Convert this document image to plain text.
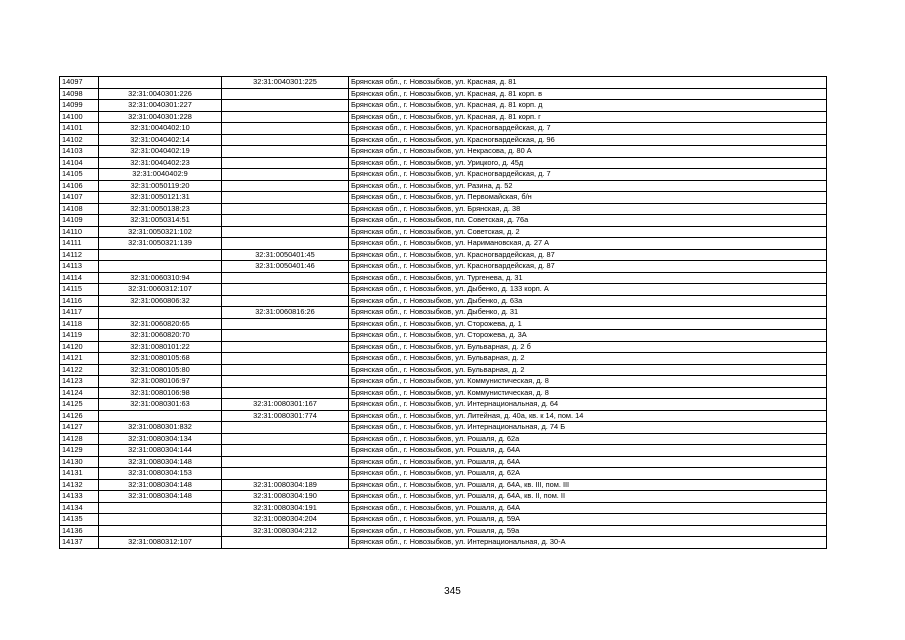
14097		32:31:0040301:225	Брянская обл., г. Новозыбков, ул. Красная, д. 81
14098	32:31:0040301:226		Брянская обл., г. Новозыбков, ул. Красная, д. 81 корп. в
14099	32:31:0040301:227		Брянская обл., г. Новозыбков, ул. Красная, д. 81 корп. д
14100	32:31:0040301:228		Брянская обл., г. Новозыбков, ул. Красная, д. 81 корп. г
14101	32:31:0040402:10		Брянская обл., г. Новозыбков, ул. Красногвардейская, д. 7
14102	32:31:0040402:14		Брянская обл., г. Новозыбков, ул. Красногвардейская, д. 96
14103	32:31:0040402:19		Брянская обл., г. Новозыбков, ул. Некрасова, д. 80 А
14104	32:31:0040402:23		Брянская обл., г. Новозыбков, ул. Урицкого, д. 45д
14105	32:31:0040402:9		Брянская обл., г. Новозыбков, ул. Красногвардейская, д. 7
14106	32:31:0050119:20		Брянская обл., г. Новозыбков, ул. Разина, д. 52
14107	32:31:0050121:31		Брянская обл., г. Новозыбков, ул. Первомайская, б/н
14108	32:31:0050138:23		Брянская обл., г. Новозыбков, ул. Брянская, д. 38
14109	32:31:0050314:51		Брянская обл., г. Новозыбков, пл. Советская, д. 76а
14110	32:31:0050321:102		Брянская обл., г. Новозыбков, ул. Советская, д. 2
14111	32:31:0050321:139		Брянская обл., г. Новозыбков, ул. Наримановская, д. 27 А
14112		32:31:0050401:45	Брянская обл., г. Новозыбков, ул. Красногвардейская, д. 87
14113		32:31:0050401:46	Брянская обл., г. Новозыбков, ул. Красногвардейская, д. 87
14114	32:31:0060310:94		Брянская обл., г. Новозыбков, ул. Тургенева, д. 31
14115	32:31:0060312:107		Брянская обл., г. Новозыбков, ул. Дыбенко, д. 133 корп. А
14116	32:31:0060806:32		Брянская обл., г. Новозыбков, ул. Дыбенко, д. 63а
14117		32:31:0060816:26	Брянская обл., г. Новозыбков, ул. Дыбенко, д. 31
14118	32:31:0060820:65		Брянская обл., г. Новозыбков, ул. Сторожева, д. 1
14119	32:31:0060820:70		Брянская обл., г. Новозыбков, ул. Сторожева, д. 3А
14120	32:31:0080101:22		Брянская обл., г. Новозыбков, ул. Бульварная, д. 2 б
14121	32:31:0080105:68		Брянская обл., г. Новозыбков, ул. Бульварная, д. 2
14122	32:31:0080105:80		Брянская обл., г. Новозыбков, ул. Бульварная, д. 2
14123	32:31:0080106:97		Брянская обл., г. Новозыбков, ул. Коммунистическая, д. 8
14124	32:31:0080106:98		Брянская обл., г. Новозыбков, ул. Коммунистическая, д. 8
14125	32:31:0080301:63	32:31:0080301:167	Брянская обл., г. Новозыбков, ул. Интернациональная, д. 64
14126		32:31:0080301:774	Брянская обл., г. Новозыбков, ул. Литейная, д. 40а, кв. к 14, пом. 14
14127	32:31:0080301:832		Брянская обл., г. Новозыбков, ул. Интернациональная, д. 74 Б
14128	32:31:0080304:134		Брянская обл., г. Новозыбков, ул. Рошаля, д. 62а
14129	32:31:0080304:144		Брянская обл., г. Новозыбков, ул. Рошаля, д. 64А
14130	32:31:0080304:148		Брянская обл., г. Новозыбков, ул. Рошаля, д. 64А
14131	32:31:0080304:153		Брянская обл., г. Новозыбков, ул. Рошаля, д. 62А
14132	32:31:0080304:148	32:31:0080304:189	Брянская обл., г. Новозыбков, ул. Рошаля, д. 64А, кв. III, пом. III
14133	32:31:0080304:148	32:31:0080304:190	Брянская обл., г. Новозыбков, ул. Рошаля, д. 64А, кв. II, пом. II
14134		32:31:0080304:191	Брянская обл., г. Новозыбков, ул. Рошаля, д. 64А
14135		32:31:0080304:204	Брянская обл., г. Новозыбков, ул. Рошаля, д. 59А
14136		32:31:0080304:212	Брянская обл., г. Новозыбков, ул. Рошаля, д. 59а
14137	32:31:0080312:107		Брянская обл., г. Новозыбков, ул. Интернациональная, д. 30-А
345
